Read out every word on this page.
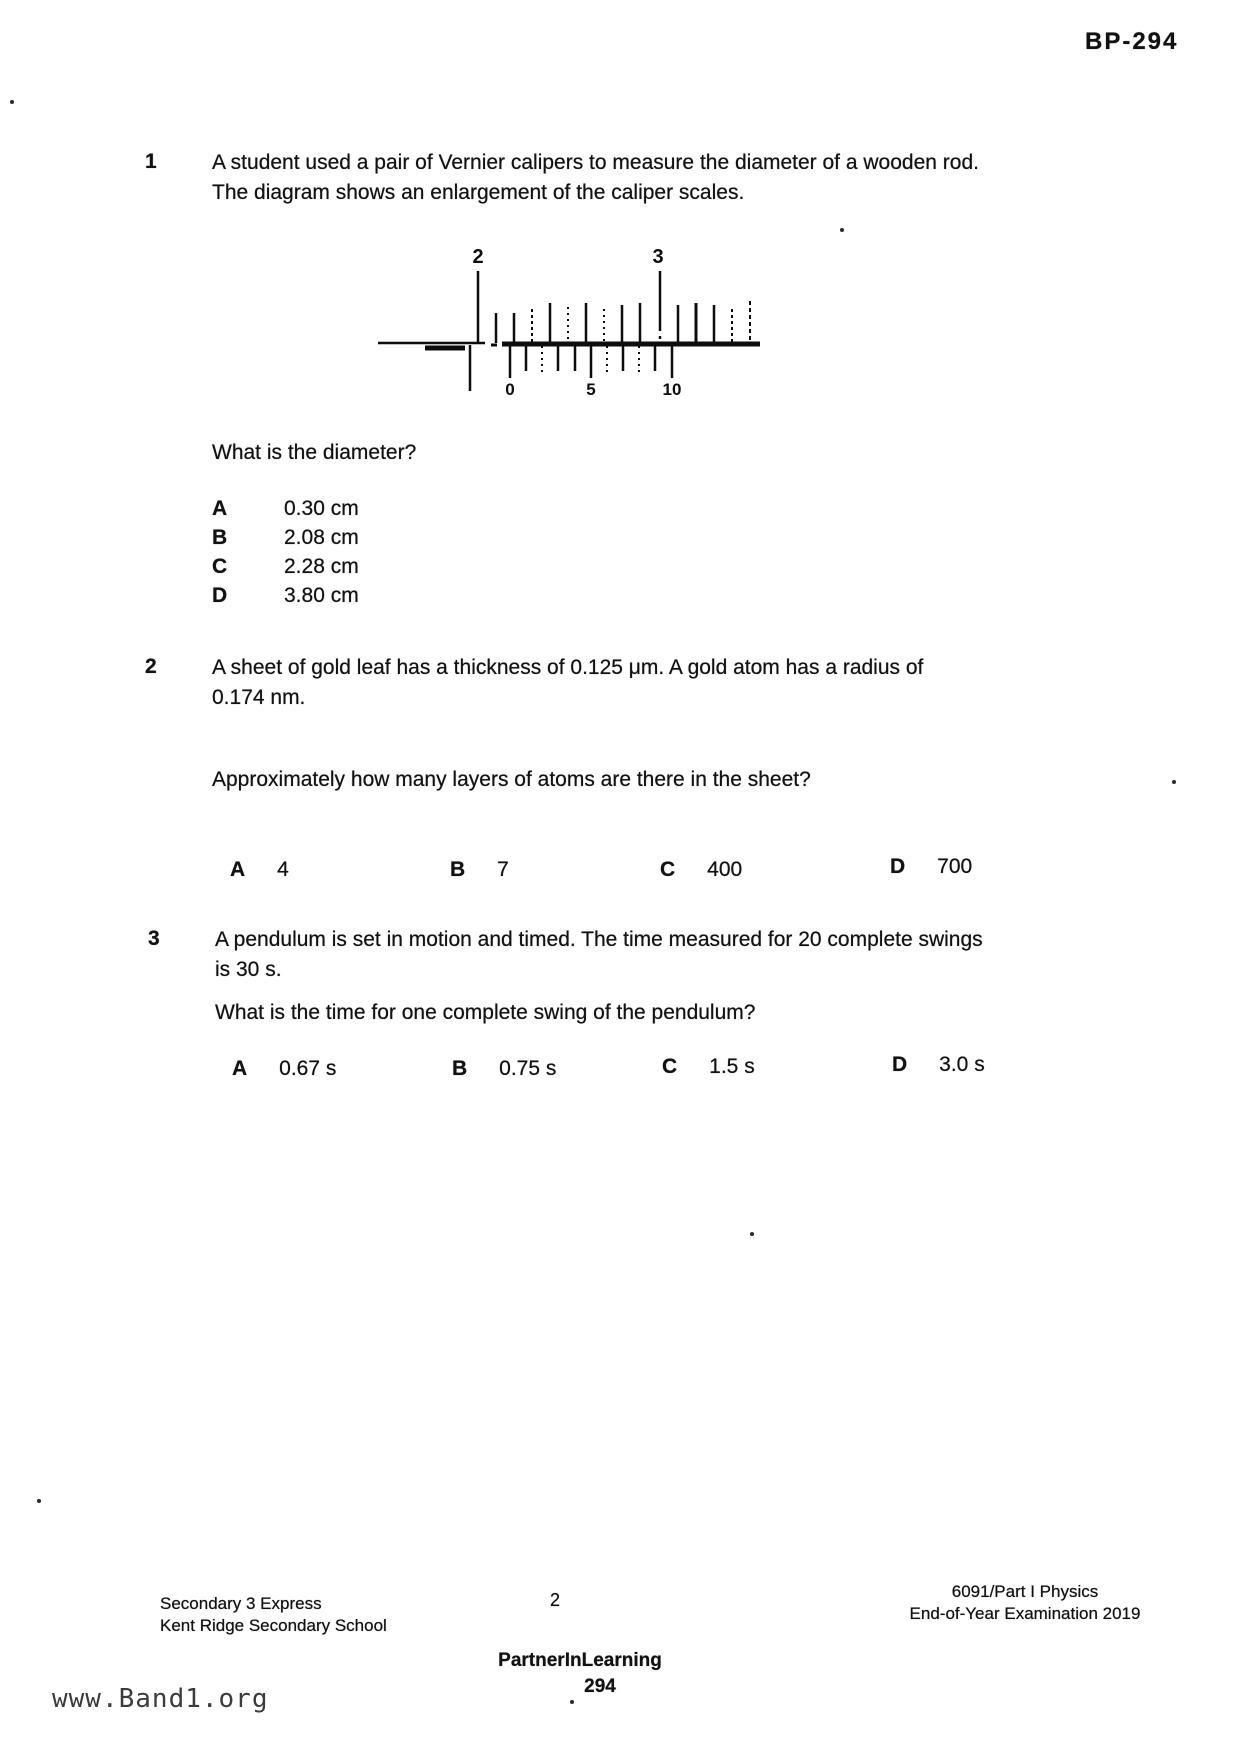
BP-294
1	A student used a pair of Vernier calipers to measure the diameter of a wooden rod.
The diagram shows an enlargement of the caliper scales.
2	3
0	5	10
What is the diameter?
A	0.30 cm
B	2.08 cm
C	2.28 cm
D	3.80 cm
2	A sheet of gold leaf has a thickness of 0.125 μm. A gold atom has a radius of
0.174 nm.
Approximately how many layers of atoms are there in the sheet?
A 4	B 7	C 400	D 700
3	A pendulum is set in motion and timed. The time measured for 20 complete swings
is 30 s.
What is the time for one complete swing of the pendulum?
A 0.67 s	B 0.75 s	C 1.5 s	D 3.0 s
Secondary 3 Express
Kent Ridge Secondary School
2	6091/Part I Physics
End-of-Year Examination 2019
PartnerInLearning
294
www.Band1.org
